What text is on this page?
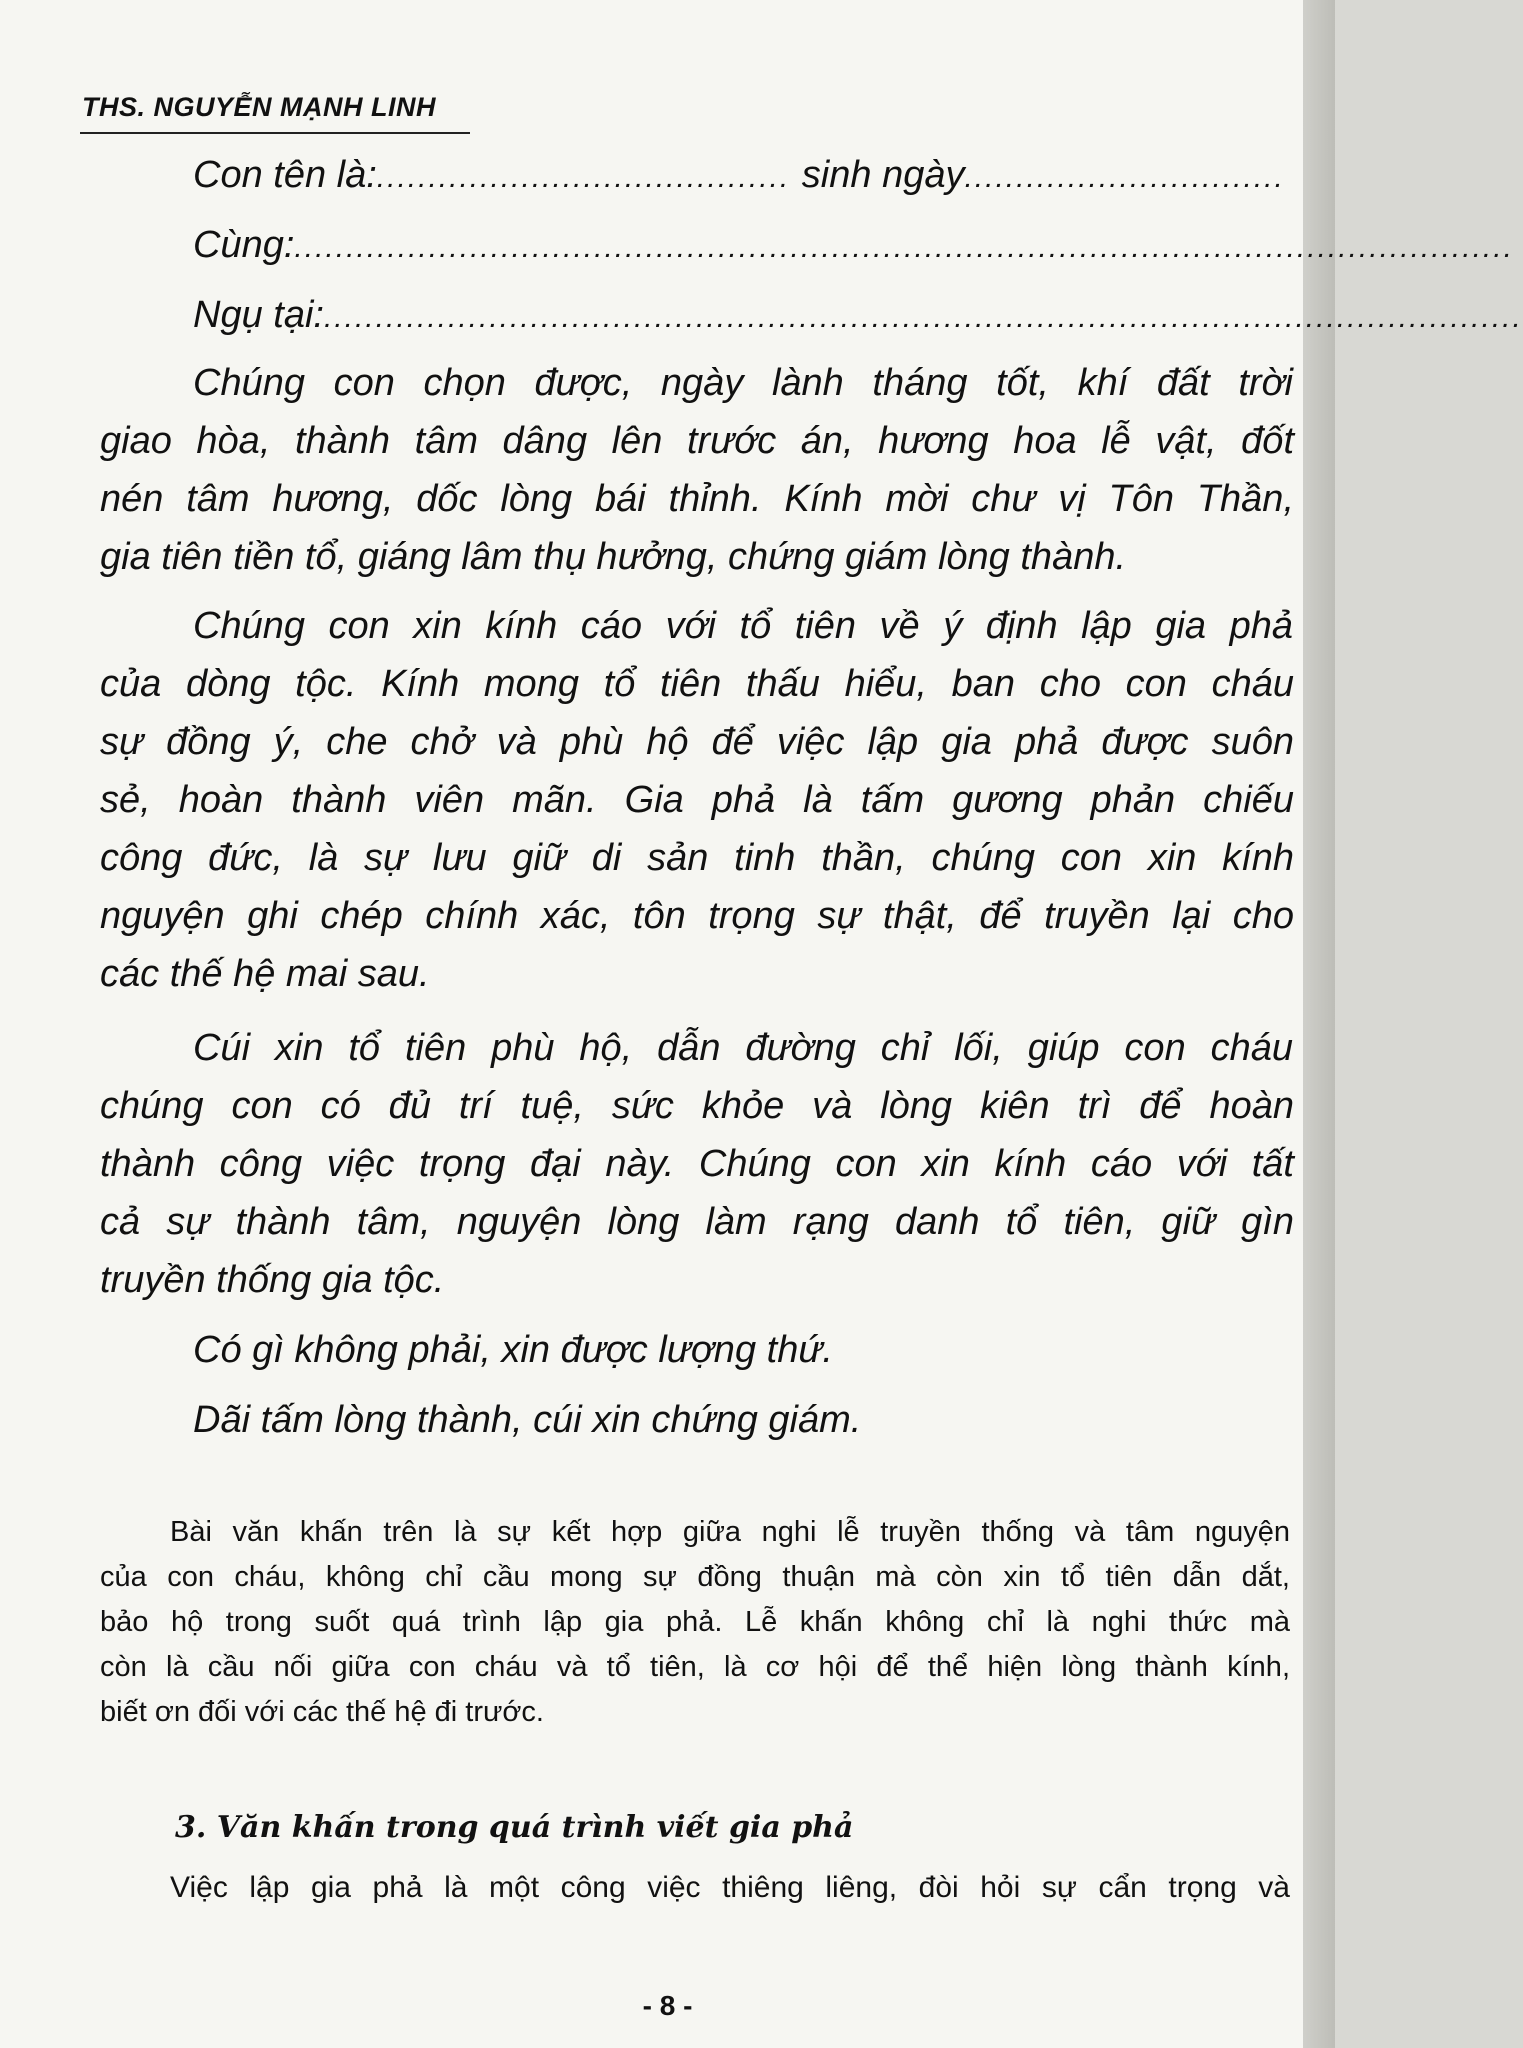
THS. NGUYỄN MẠNH LINH
Con tên là: ........................................ sinh ngày ...............................
Cùng: ......................................................................................................................
Ngụ tại: ....................................................................................................................
Chúng con chọn được, ngày lành tháng tốt, khí đất trời
giao hòa, thành tâm dâng lên trước án, hương hoa lễ vật, đốt
nén tâm hương, dốc lòng bái thỉnh. Kính mời chư vị Tôn Thần,
gia tiên tiền tổ, giáng lâm thụ hưởng, chứng giám lòng thành.
Chúng con xin kính cáo với tổ tiên về ý định lập gia phả
của dòng tộc. Kính mong tổ tiên thấu hiểu, ban cho con cháu
sự đồng ý, che chở và phù hộ để việc lập gia phả được suôn
sẻ, hoàn thành viên mãn. Gia phả là tấm gương phản chiếu
công đức, là sự lưu giữ di sản tinh thần, chúng con xin kính
nguyện ghi chép chính xác, tôn trọng sự thật, để truyền lại cho
các thế hệ mai sau.
Cúi xin tổ tiên phù hộ, dẫn đường chỉ lối, giúp con cháu
chúng con có đủ trí tuệ, sức khỏe và lòng kiên trì để hoàn
thành công việc trọng đại này. Chúng con xin kính cáo với tất
cả sự thành tâm, nguyện lòng làm rạng danh tổ tiên, giữ gìn
truyền thống gia tộc.
Có gì không phải, xin được lượng thứ.
Dãi tấm lòng thành, cúi xin chứng giám.
Bài văn khấn trên là sự kết hợp giữa nghi lễ truyền thống và tâm nguyện
của con cháu, không chỉ cầu mong sự đồng thuận mà còn xin tổ tiên dẫn dắt,
bảo hộ trong suốt quá trình lập gia phả. Lễ khấn không chỉ là nghi thức mà
còn là cầu nối giữa con cháu và tổ tiên, là cơ hội để thể hiện lòng thành kính,
biết ơn đối với các thế hệ đi trước.
3. Văn khấn trong quá trình viết gia phả
Việc lập gia phả là một công việc thiêng liêng, đòi hỏi sự cẩn trọng và
- 8 -
